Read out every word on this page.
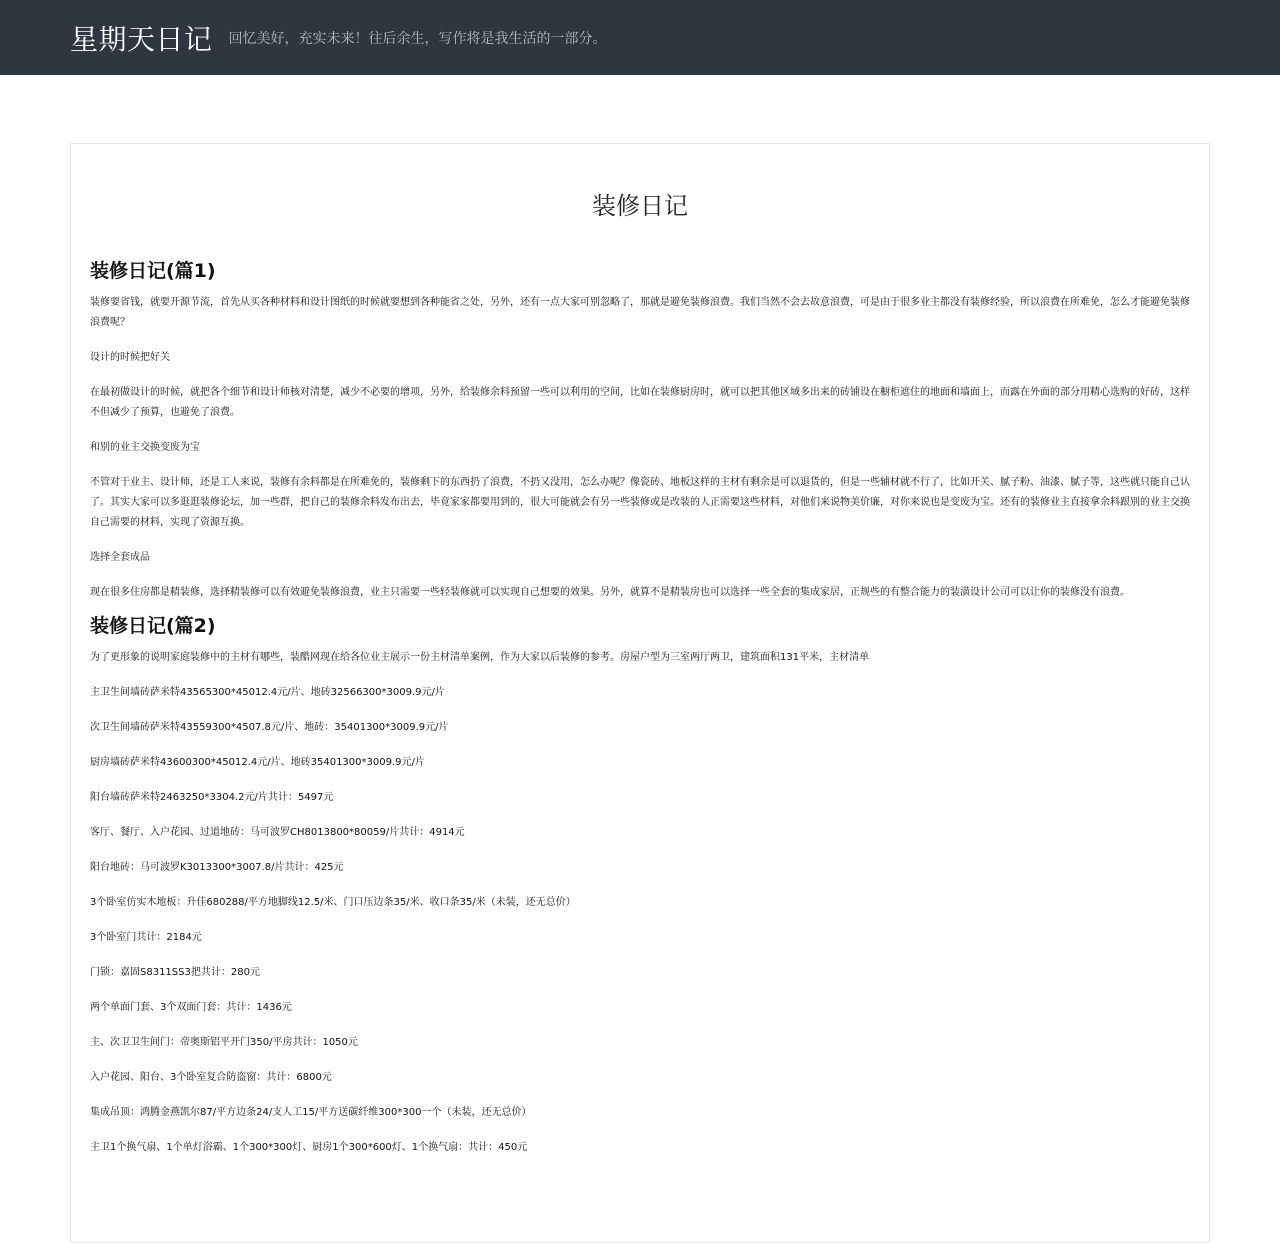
星期天日记 回忆美好，充实未来！往后余生，写作将是我生活的一部分。
装修日记
装修日记(篇1)
装修要省钱，就要开源节流，首先从买各种材料和设计图纸的时候就要想到各种能省之处，另外，还有一点大家可别忽略了，那就是避免装修浪费。我们当然不会去故意浪费，可是由于很多业主都没有装修经验，所以浪费在所难免，怎么才能避免装修浪费呢？
设计的时候把好关
在最初做设计的时候，就把各个细节和设计师核对清楚，减少不必要的增项，另外，给装修余料预留一些可以利用的空间，比如在装修厨房时，就可以把其他区域多出来的砖铺设在橱柜遮住的地面和墙面上，而露在外面的部分用精心选购的好砖，这样不但减少了预算，也避免了浪费。
和别的业主交换变废为宝
不管对于业主、设计师，还是工人来说，装修有余料都是在所难免的，装修剩下的东西扔了浪费，不扔又没用，怎么办呢？像瓷砖、地板这样的主材有剩余是可以退货的，但是一些辅材就不行了，比如开关、腻子粉、油漆、腻子等，这些就只能自己认了。其实大家可以多逛逛装修论坛，加一些群，把自己的装修余料发布出去，毕竟家家都要用到的，很大可能就会有另一些装修或是改装的人正需要这些材料，对他们来说物美价廉，对你来说也是变废为宝。还有的装修业主直接拿余料跟别的业主交换自己需要的材料，实现了资源互换。
选择全套成品
现在很多住房都是精装修，选择精装修可以有效避免装修浪费，业主只需要一些轻装修就可以实现自己想要的效果。另外，就算不是精装房也可以选择一些全套的集成家居，正规些的有整合能力的装潢设计公司可以让你的装修没有浪费。
装修日记(篇2)
为了更形象的说明家庭装修中的主材有哪些，装酷网现在给各位业主展示一份主材清单案例，作为大家以后装修的参考。房屋户型为三室两厅两卫，建筑面积131平米，主材清单
主卫生间墙砖萨米特43565300*45012.4元/片、地砖32566300*3009.9元/片
次卫生间墙砖萨米特43559300*4507.8元/片、地砖：35401300*3009.9元/片
厨房墙砖萨米特43600300*45012.4元/片、地砖35401300*3009.9元/片
阳台墙砖萨米特2463250*3304.2元/片共计：5497元
客厅、餐厅、入户花园、过道地砖：马可波罗CH8013800*80059/片共计：4914元
阳台地砖：马可波罗K3013300*3007.8/片共计：425元
3个卧室仿实木地板：升佳680288/平方地脚线12.5/米、门口压边条35/米、收口条35/米（未装，还无总价）
3个卧室门共计：2184元
门锁：嘉固S8311SS3把共计：280元
两个单面门套、3个双面门套：共计：1436元
主、次卫卫生间门：帝奥斯铝平开门350/平房共计：1050元
入户花园、阳台、3个卧室复合防盗窗：共计：6800元
集成吊顶：鸿腾金燕凯尔87/平方边条24/支人工15/平方送碳纤维300*300一个（未装，还无总价）
主卫1个换气扇、1个单灯浴霸、1个300*300灯、厨房1个300*600灯、1个换气扇：共计：450元
